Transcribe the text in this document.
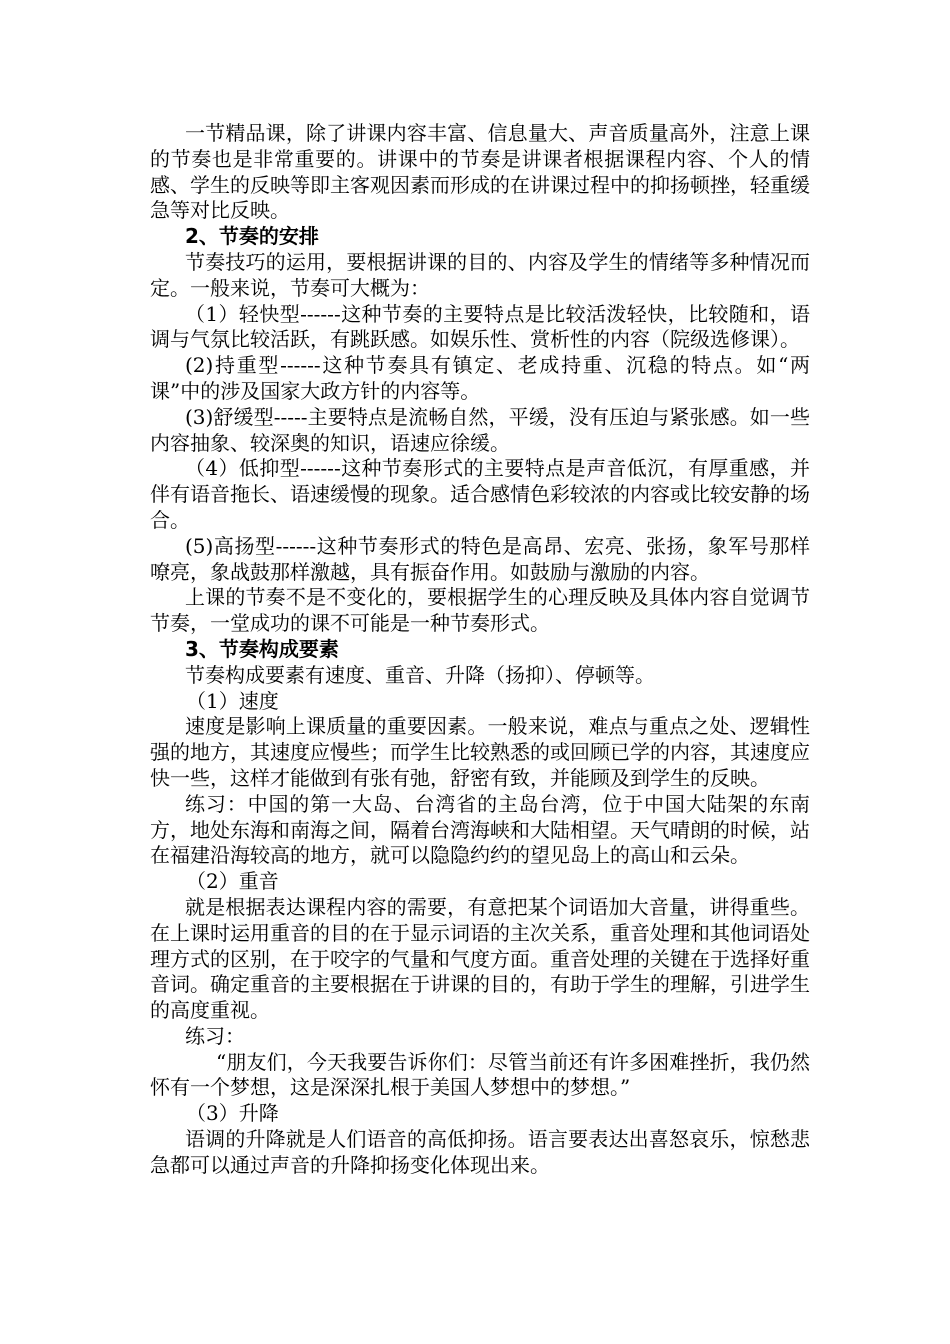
一节精品课，除了讲课内容丰富、信息量大、声音质量高外，注意上课的节奏也是非常重要的。讲课中的节奏是讲课者根据课程内容、个人的情感、学生的反映等即主客观因素而形成的在讲课过程中的抑扬顿挫，轻重缓急等对比反映。

2、节奏的安排

节奏技巧的运用，要根据讲课的目的、内容及学生的情绪等多种情况而定。一般来说，节奏可大概为：

（1）轻快型------这种节奏的主要特点是比较活泼轻快，比较随和，语调与气氛比较活跃，有跳跃感。如娱乐性、赏析性的内容（院级选修课）。

(2)持重型------这种节奏具有镇定、老成持重、沉稳的特点。如“两课”中的涉及国家大政方针的内容等。

(3)舒缓型-----主要特点是流畅自然，平缓，没有压迫与紧张感。如一些内容抽象、较深奥的知识，语速应徐缓。

（4）低抑型------这种节奏形式的主要特点是声音低沉，有厚重感，并伴有语音拖长、语速缓慢的现象。适合感情色彩较浓的内容或比较安静的场合。

(5)高扬型------这种节奏形式的特色是高昂、宏亮、张扬，象军号那样嘹亮，象战鼓那样激越，具有振奋作用。如鼓励与激励的内容。

上课的节奏不是不变化的，要根据学生的心理反映及具体内容自觉调节节奏，一堂成功的课不可能是一种节奏形式。

3、节奏构成要素

节奏构成要素有速度、重音、升降（扬抑）、停顿等。

（1）速度

速度是影响上课质量的重要因素。一般来说，难点与重点之处、逻辑性强的地方，其速度应慢些；而学生比较熟悉的或回顾已学的内容，其速度应快一些，这样才能做到有张有弛，舒密有致，并能顾及到学生的反映。

练习：中国的第一大岛、台湾省的主岛台湾，位于中国大陆架的东南方，地处东海和南海之间，隔着台湾海峡和大陆相望。天气晴朗的时候，站在福建沿海较高的地方，就可以隐隐约约的望见岛上的高山和云朵。

（2）重音

就是根据表达课程内容的需要，有意把某个词语加大音量，讲得重些。在上课时运用重音的目的在于显示词语的主次关系，重音处理和其他词语处理方式的区别，在于咬字的气量和气度方面。重音处理的关键在于选择好重音词。确定重音的主要根据在于讲课的目的，有助于学生的理解，引进学生的高度重视。

练习：

“朋友们，今天我要告诉你们：尽管当前还有许多困难挫折，我仍然怀有一个梦想，这是深深扎根于美国人梦想中的梦想。”

（3）升降

语调的升降就是人们语音的高低抑扬。语言要表达出喜怒哀乐，惊愁悲急都可以通过声音的升降抑扬变化体现出来。
